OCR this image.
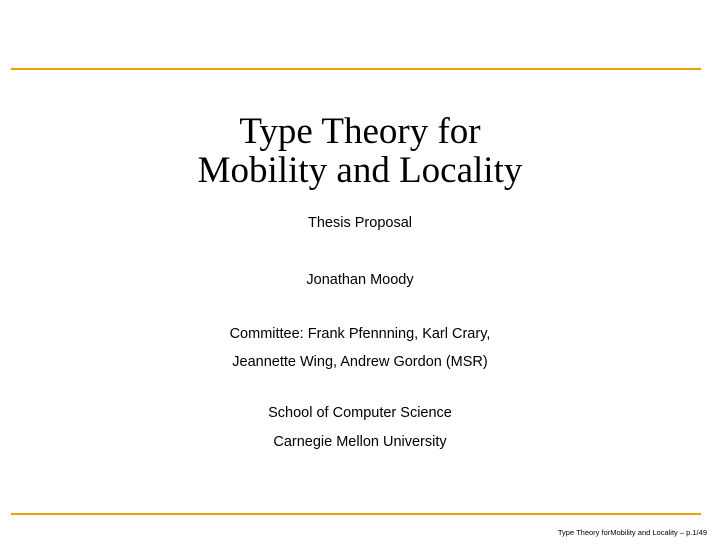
Type Theory for
Mobility and Locality
Thesis Proposal
Jonathan Moody
Committee: Frank Pfennning, Karl Crary,
Jeannette Wing, Andrew Gordon (MSR)
School of Computer Science
Carnegie Mellon University
Type Theory forMobility and Locality – p.1/49
